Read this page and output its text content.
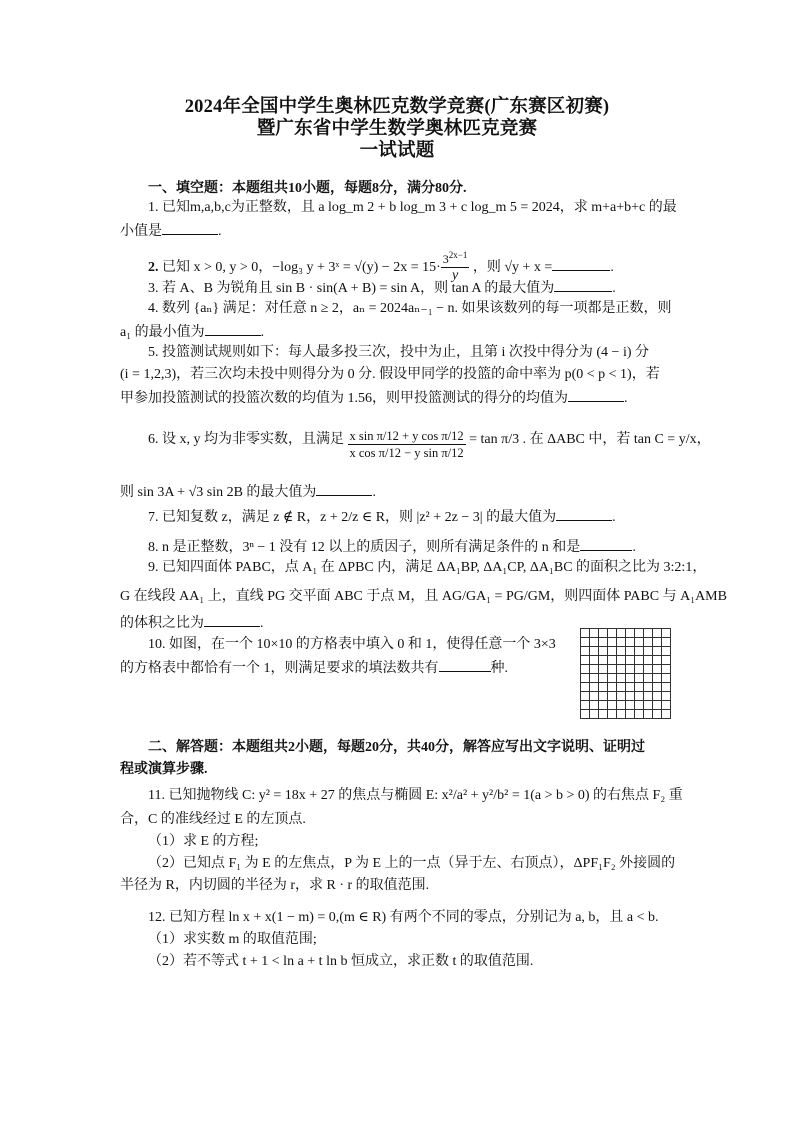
2024年全国中学生奥林匹克数学竞赛(广东赛区初赛)
暨广东省中学生数学奥林匹克竞赛
一试试题
一、填空题：本题组共10小题，每题8分，满分80分.
1. 已知m,a,b,c为正整数，且 a log_m 2 + b log_m 3 + c log_m 5 = 2024，求 m+a+b+c 的最
小值是	.
2. 已知 x > 0, y > 0，−log₃ y + 3ˣ = $√(y) - 2x = 15\cdot \frac{3^{2x-1}}{y}$ ，则 √y + x =	.
3. 若 A、B 为锐角且 sin B · sin(A + B) = sin A，则 tan A 的最大值为	.
4. 数列 {aₙ} 满足：对任意 n ≥ 2，aₙ = 2024aₙ₋₁ − n. 如果该数列的每一项都是正数，则
a₁ 的最小值为	.
5. 投篮测试规则如下：每人最多投三次，投中为止，且第 i 次投中得分为 (4 − i) 分
(i = 1,2,3)，若三次均未投中则得分为 0 分. 假设甲同学的投篮的命中率为 p(0 < p < 1)，若
甲参加投篮测试的投篮次数的均值为 1.56，则甲投篮测试的得分的均值为	.
6. 设 x, y 均为非零实数，且满足 $\frac{\text{x sin π/12 + y cos π/12}}{\text{x cos π/12 − y sin π/12}} = \tan \pi/3$ . 在 ΔABC 中，若 tan C = y/x，
则 sin 3A + √3 sin 2B 的最大值为	.
7. 已知复数 z，满足 z ∉ R，z + 2/z ∈ R，则 |z² + 2z − 3| 的最大值为	.
8. n 是正整数，3ⁿ − 1 没有 12 以上的质因子，则所有满足条件的 n 和是	.
9. 已知四面体 PABC，点 A₁ 在 ΔPBC 内，满足 ΔA₁BP, ΔA₁CP, ΔA₁BC 的面积之比为 3:2:1，
G 在线段 AA₁ 上，直线 PG 交平面 ABC 于点 M，且 AG/GA₁ = PG/GM，则四面体 PABC 与 A₁AMB
的体积之比为	.
10. 如图，在一个 10×10 的方格表中填入 0 和 1，使得任意一个 3×3
的方格表中都恰有一个 1，则满足要求的填法数共有	种.
二、解答题：本题组共2小题，每题20分，共40分，解答应写出文字说明、证明过
程或演算步骤.
11. 已知抛物线 C: y² = 18x + 27 的焦点与椭圆 E: x²/a² + y²/b² = 1(a > b > 0) 的右焦点 F₂ 重
合，C 的准线经过 E 的左顶点.
（1）求 E 的方程;
（2）已知点 F₁ 为 E 的左焦点，P 为 E 上的一点（异于左、右顶点），ΔPF₁F₂ 外接圆的
半径为 R，内切圆的半径为 r，求 R · r 的取值范围.
12. 已知方程 ln x + x(1 − m) = 0,(m ∈ R) 有两个不同的零点，分别记为 a, b，且 a < b.
（1）求实数 m 的取值范围;
（2）若不等式 t + 1 < ln a + t ln b 恒成立，求正数 t 的取值范围.
